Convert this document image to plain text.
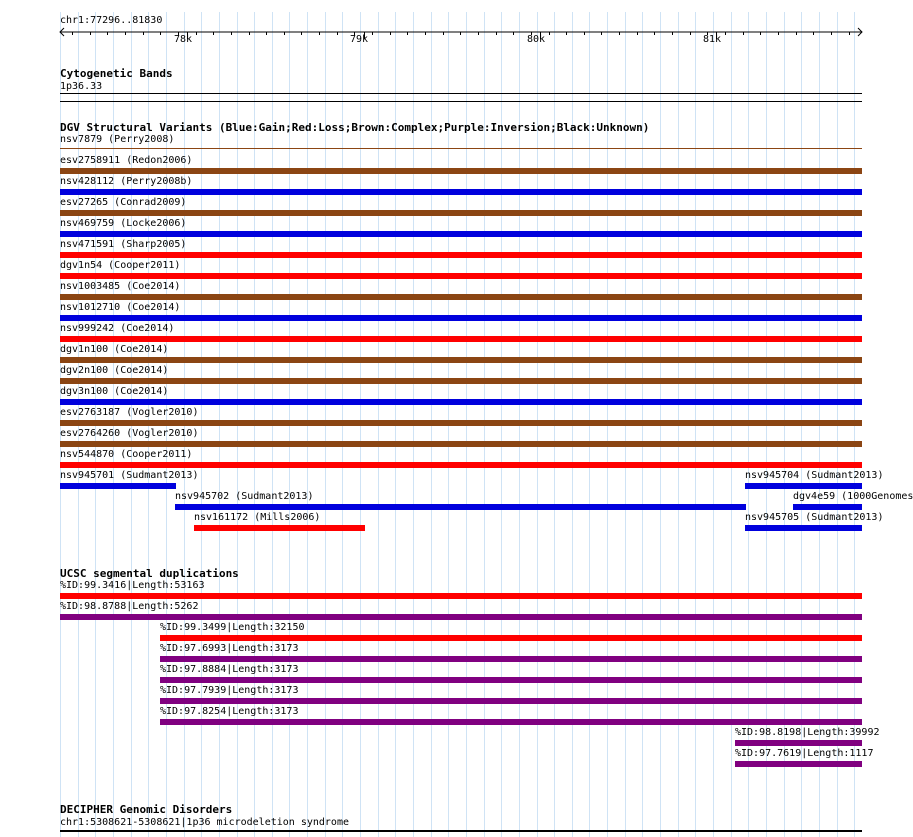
chr1:77296..81830
78k	79k	80k	81k
Cytogenetic Bands
1p36.33
DGV Structural Variants (Blue:Gain;Red:Loss;Brown:Complex;Purple:Inversion;Black:Unknown)
nsv7879 (Perry2008)
esv2758911 (Redon2006)
nsv428112 (Perry2008b)
esv27265 (Conrad2009)
nsv469759 (Locke2006)
nsv471591 (Sharp2005)
dgv1n54 (Cooper2011)
nsv1003485 (Coe2014)
nsv1012710 (Coe2014)
nsv999242 (Coe2014)
dgv1n100 (Coe2014)
dgv2n100 (Coe2014)
dgv3n100 (Coe2014)
esv2763187 (Vogler2010)
esv2764260 (Vogler2010)
nsv544870 (Cooper2011)
nsv945701 (Sudmant2013)	nsv945704 (Sudmant2013)
nsv945702 (Sudmant2013)	dgv4e59 (1000Genomes
nsv161172 (Mills2006)	nsv945705 (Sudmant2013)
UCSC segmental duplications
%ID:99.3416|Length:53163
%ID:98.8788|Length:5262
%ID:99.3499|Length:32150
%ID:97.6993|Length:3173
%ID:97.8884|Length:3173
%ID:97.7939|Length:3173
%ID:97.8254|Length:3173
%ID:98.8198|Length:39992
%ID:97.7619|Length:1117
DECIPHER Genomic Disorders
chr1:5308621-5308621|1p36 microdeletion syndrome
